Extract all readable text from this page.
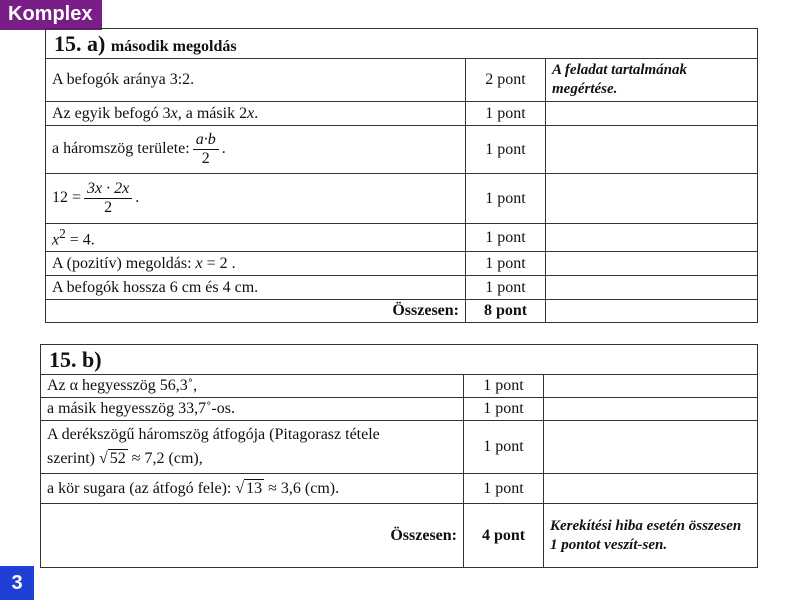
Komplex
15. a) második megoldás		
A befogók aránya 3:2.	2 pont	A feladat tartalmának megértése.
Az egyik befogó 3x, a másik 2x.	1 pont	
a háromszög területe: $\frac{a\cdot b}{2}$ .	1 pont	
$12 = \frac{3x \cdot 2x}{2}$ .	1 pont	
$x^2 = 4$.	1 pont	
A (pozitív) megoldás: x = 2 .	1 pont	
A befogók hossza 6 cm és 4 cm.	1 pont	
Összesen:	8 pont	
15. b)		
Az α hegyesszög 56,3˚,	1 pont	
a másik hegyesszög 33,7˚-os.	1 pont	
A derékszögű háromszög átfogója (Pitagorasz tétele
szerint) √ 52 ≈ 7,2 (cm),	1 pont	
a kör sugara (az átfogó fele): √ 13 ≈ 3,6 (cm).	1 pont	
Összesen:	4 pont	Kerekítési hiba esetén összesen 1 pontot veszít-sen.
3
